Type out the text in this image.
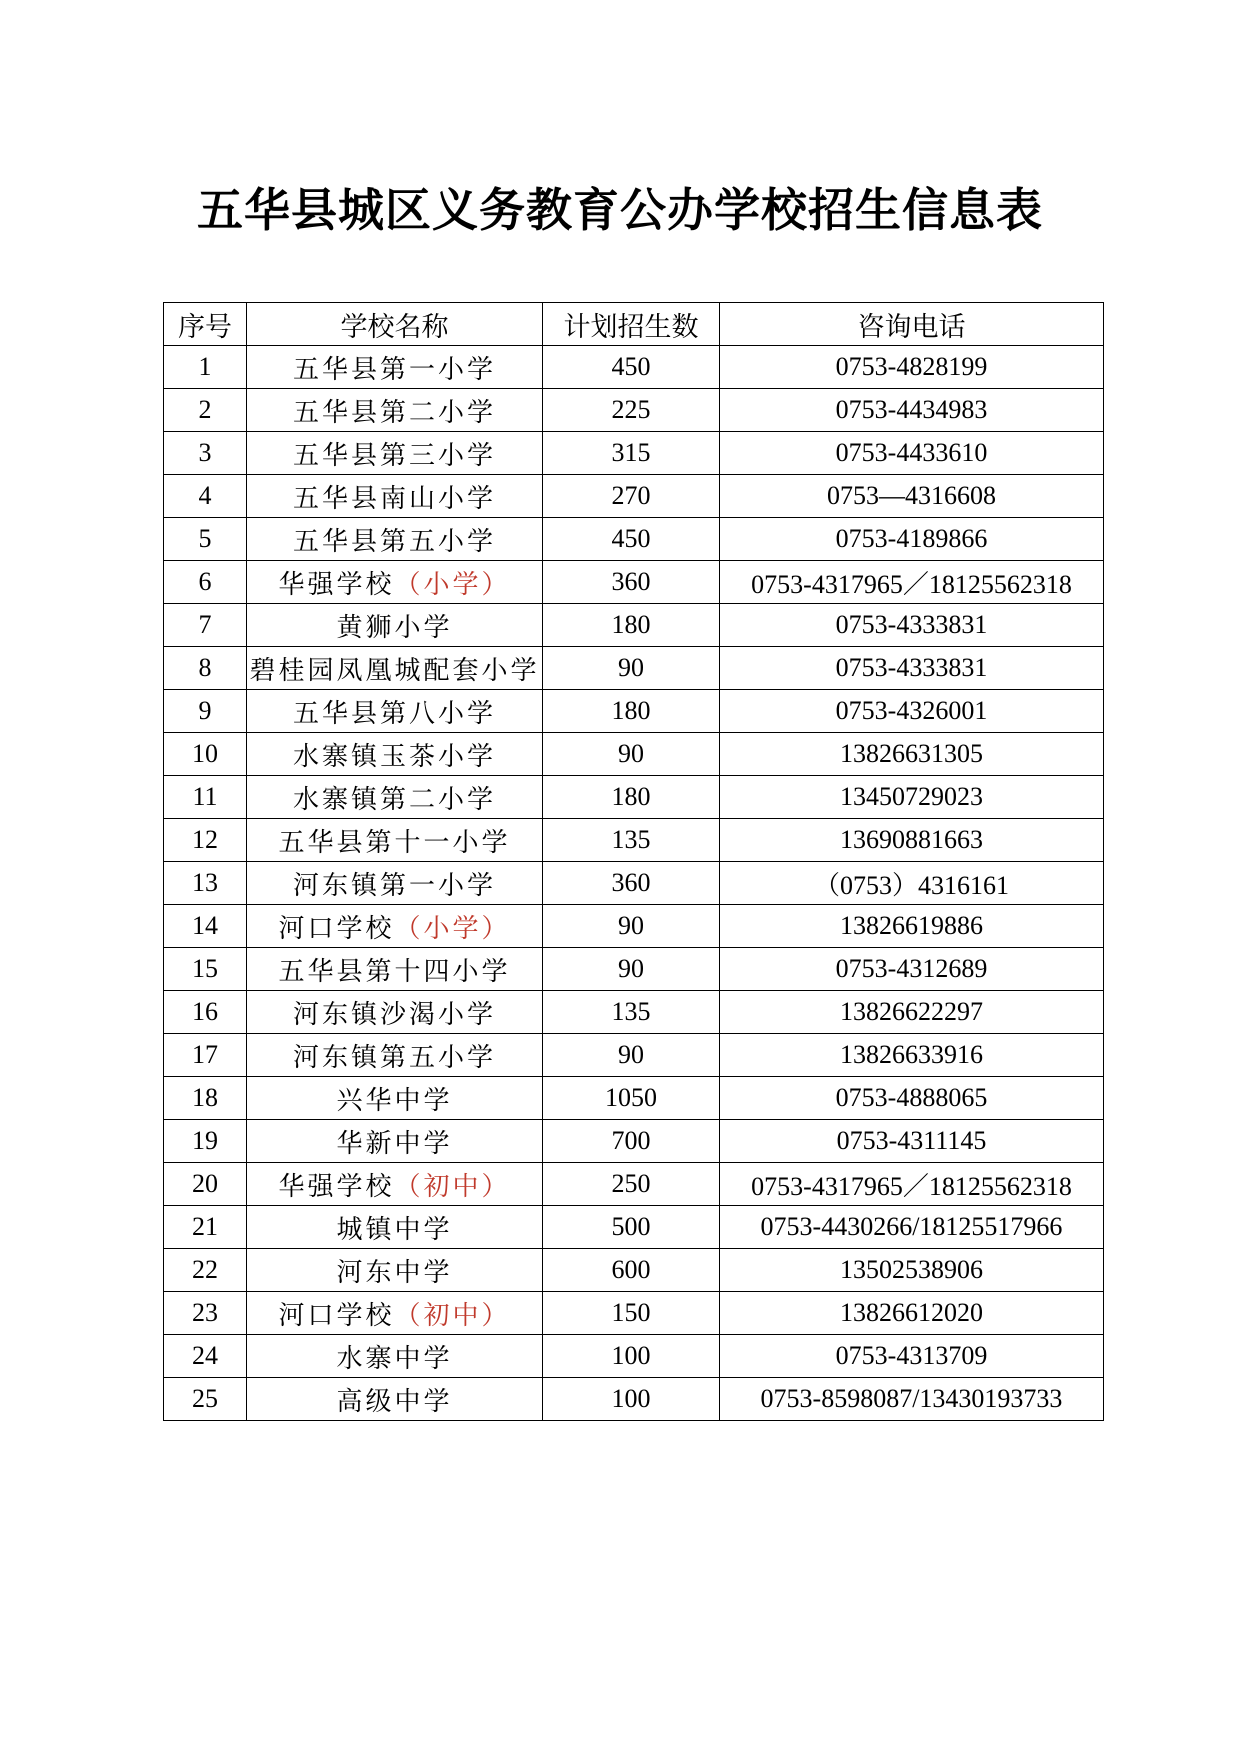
五华县城区义务教育公办学校招生信息表
序号	学校名称	计划招生数	咨询电话
1	五华县第一小学	450	0753-4828199
2	五华县第二小学	225	0753-4434983
3	五华县第三小学	315	0753-4433610
4	五华县南山小学	270	0753—4316608
5	五华县第五小学	450	0753-4189866
6	华强学校（小学）	360	0753-4317965／18125562318
7	黄狮小学	180	0753-4333831
8	碧桂园凤凰城配套小学	90	0753-4333831
9	五华县第八小学	180	0753-4326001
10	水寨镇玉茶小学	90	13826631305
11	水寨镇第二小学	180	13450729023
12	五华县第十一小学	135	13690881663
13	河东镇第一小学	360	（0753）4316161
14	河口学校（小学）	90	13826619886
15	五华县第十四小学	90	0753-4312689
16	河东镇沙渴小学	135	13826622297
17	河东镇第五小学	90	13826633916
18	兴华中学	1050	0753-4888065
19	华新中学	700	0753-4311145
20	华强学校（初中）	250	0753-4317965／18125562318
21	城镇中学	500	0753-4430266/18125517966
22	河东中学	600	13502538906
23	河口学校（初中）	150	13826612020
24	水寨中学	100	0753-4313709
25	高级中学	100	0753-8598087/13430193733
